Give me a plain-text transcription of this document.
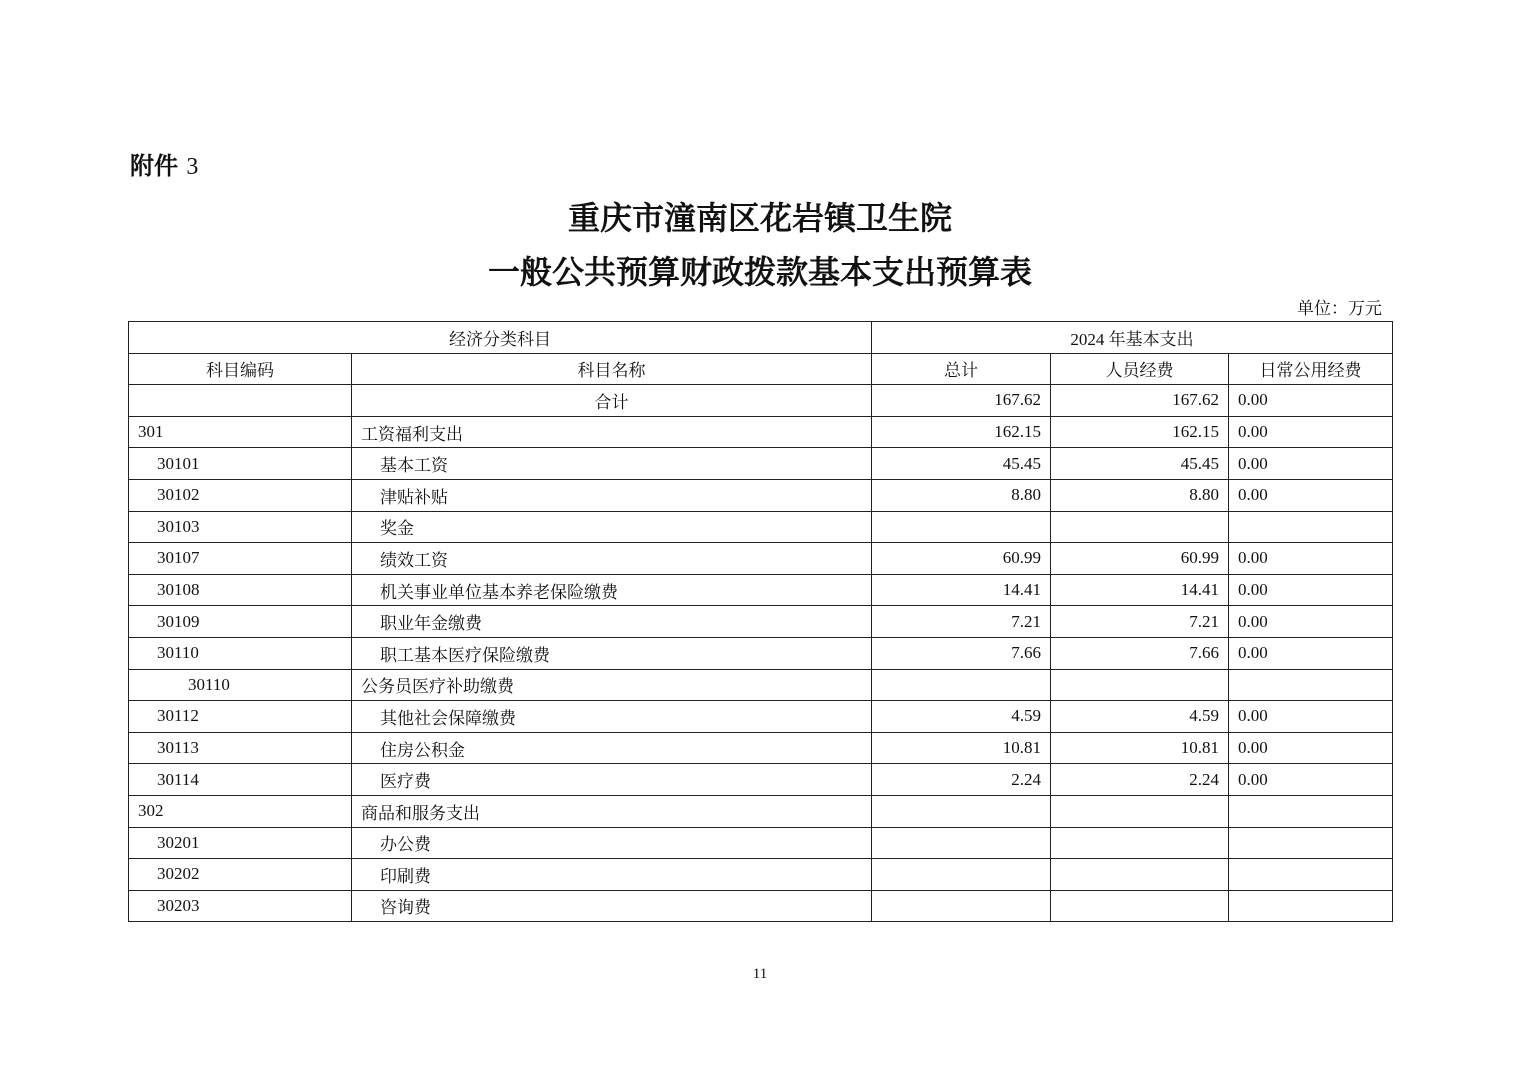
附件 3
重庆市潼南区花岩镇卫生院
一般公共预算财政拨款基本支出预算表
单位：万元
经济分类科目		2024 年基本支出		
科目编码	科目名称	总计	人员经费	日常公用经费
	合计	167.62	167.62	0.00
301	工资福利支出	162.15	162.15	0.00
30101	基本工资	45.45	45.45	0.00
30102	津贴补贴	8.80	8.80	0.00
30103	奖金			
30107	绩效工资	60.99	60.99	0.00
30108	机关事业单位基本养老保险缴费	14.41	14.41	0.00
30109	职业年金缴费	7.21	7.21	0.00
30110	职工基本医疗保险缴费	7.66	7.66	0.00
30110	公务员医疗补助缴费			
30112	其他社会保障缴费	4.59	4.59	0.00
30113	住房公积金	10.81	10.81	0.00
30114	医疗费	2.24	2.24	0.00
302	商品和服务支出			
30201	办公费			
30202	印刷费			
30203	咨询费			
11
